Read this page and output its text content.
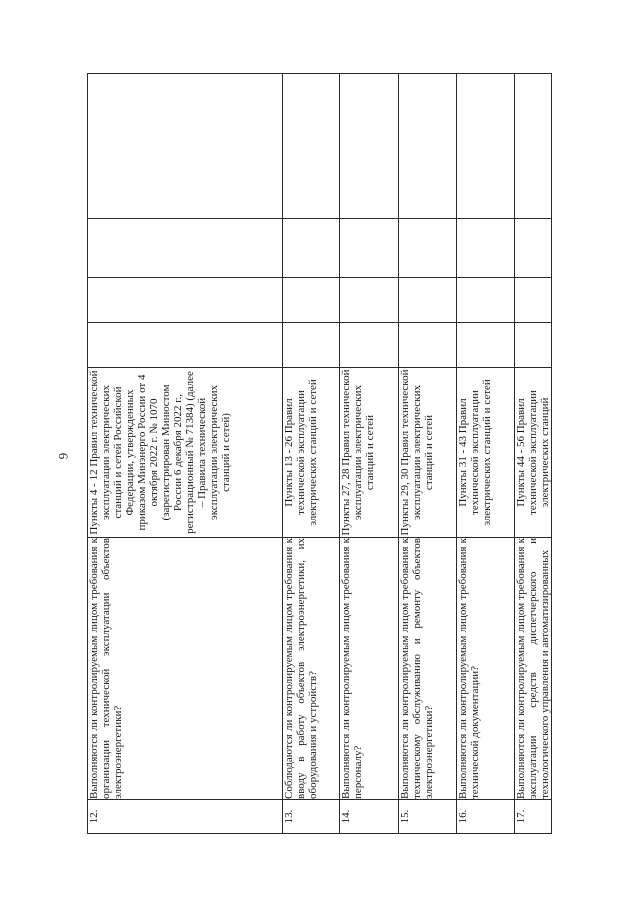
6
12.	Выполняются ли контролируемым лицом требования к организации технической эксплуатации объектов электроэнергетики?	Пункты 4 - 12 Правил технической эксплуатации электрических станций и сетей Российской Федерации, утвержденных приказом Минэнерго России от 4 октября 2022 г. № 1070 (зарегистрирован Минюстом России 6 декабря 2022 г., регистрационный № 71384) (далее – Правила технической эксплуатации электрических станций и сетей)				
13.	Соблюдаются ли контролируемым лицом требования к вводу в работу объектов электроэнергетики, их оборудования и устройств?	Пункты 13 - 26 Правил технической эксплуатации электрических станций и сетей				
14.	Выполняются ли контролируемым лицом требования к персоналу?	Пункты 27, 28 Правил технической эксплуатации электрических станций и сетей				
15.	Выполняются ли контролируемым лицом требования к техническому обслуживанию и ремонту объектов электроэнергетики?	Пункты 29, 30 Правил технической эксплуатации электрических станций и сетей				
16.	Выполняются ли контролируемым лицом требования к технической документации?	Пункты 31 - 43 Правил технической эксплуатации электрических станций и сетей				
17.	Выполняются ли контролируемым лицом требования к эксплуатации средств диспетчерского и технологического управления и автоматизированных	Пункты 44 - 56 Правил технической эксплуатации электрических станций				
